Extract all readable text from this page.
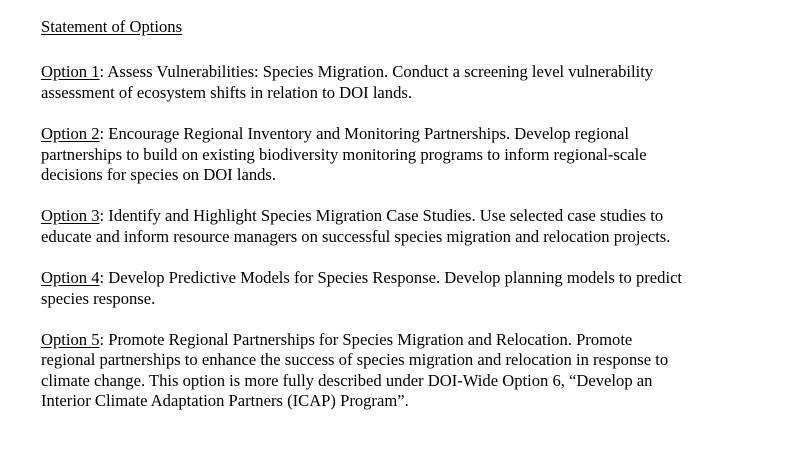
Statement of Options
Option 1: Assess Vulnerabilities: Species Migration. Conduct a screening level vulnerability
assessment of ecosystem shifts in relation to DOI lands.
Option 2: Encourage Regional Inventory and Monitoring Partnerships. Develop regional
partnerships to build on existing biodiversity monitoring programs to inform regional-scale
decisions for species on DOI lands.
Option 3: Identify and Highlight Species Migration Case Studies. Use selected case studies to
educate and inform resource managers on successful species migration and relocation projects.
Option 4: Develop Predictive Models for Species Response. Develop planning models to predict
species response.
Option 5: Promote Regional Partnerships for Species Migration and Relocation. Promote
regional partnerships to enhance the success of species migration and relocation in response to
climate change. This option is more fully described under DOI-Wide Option 6, “Develop an
Interior Climate Adaptation Partners (ICAP) Program”.
